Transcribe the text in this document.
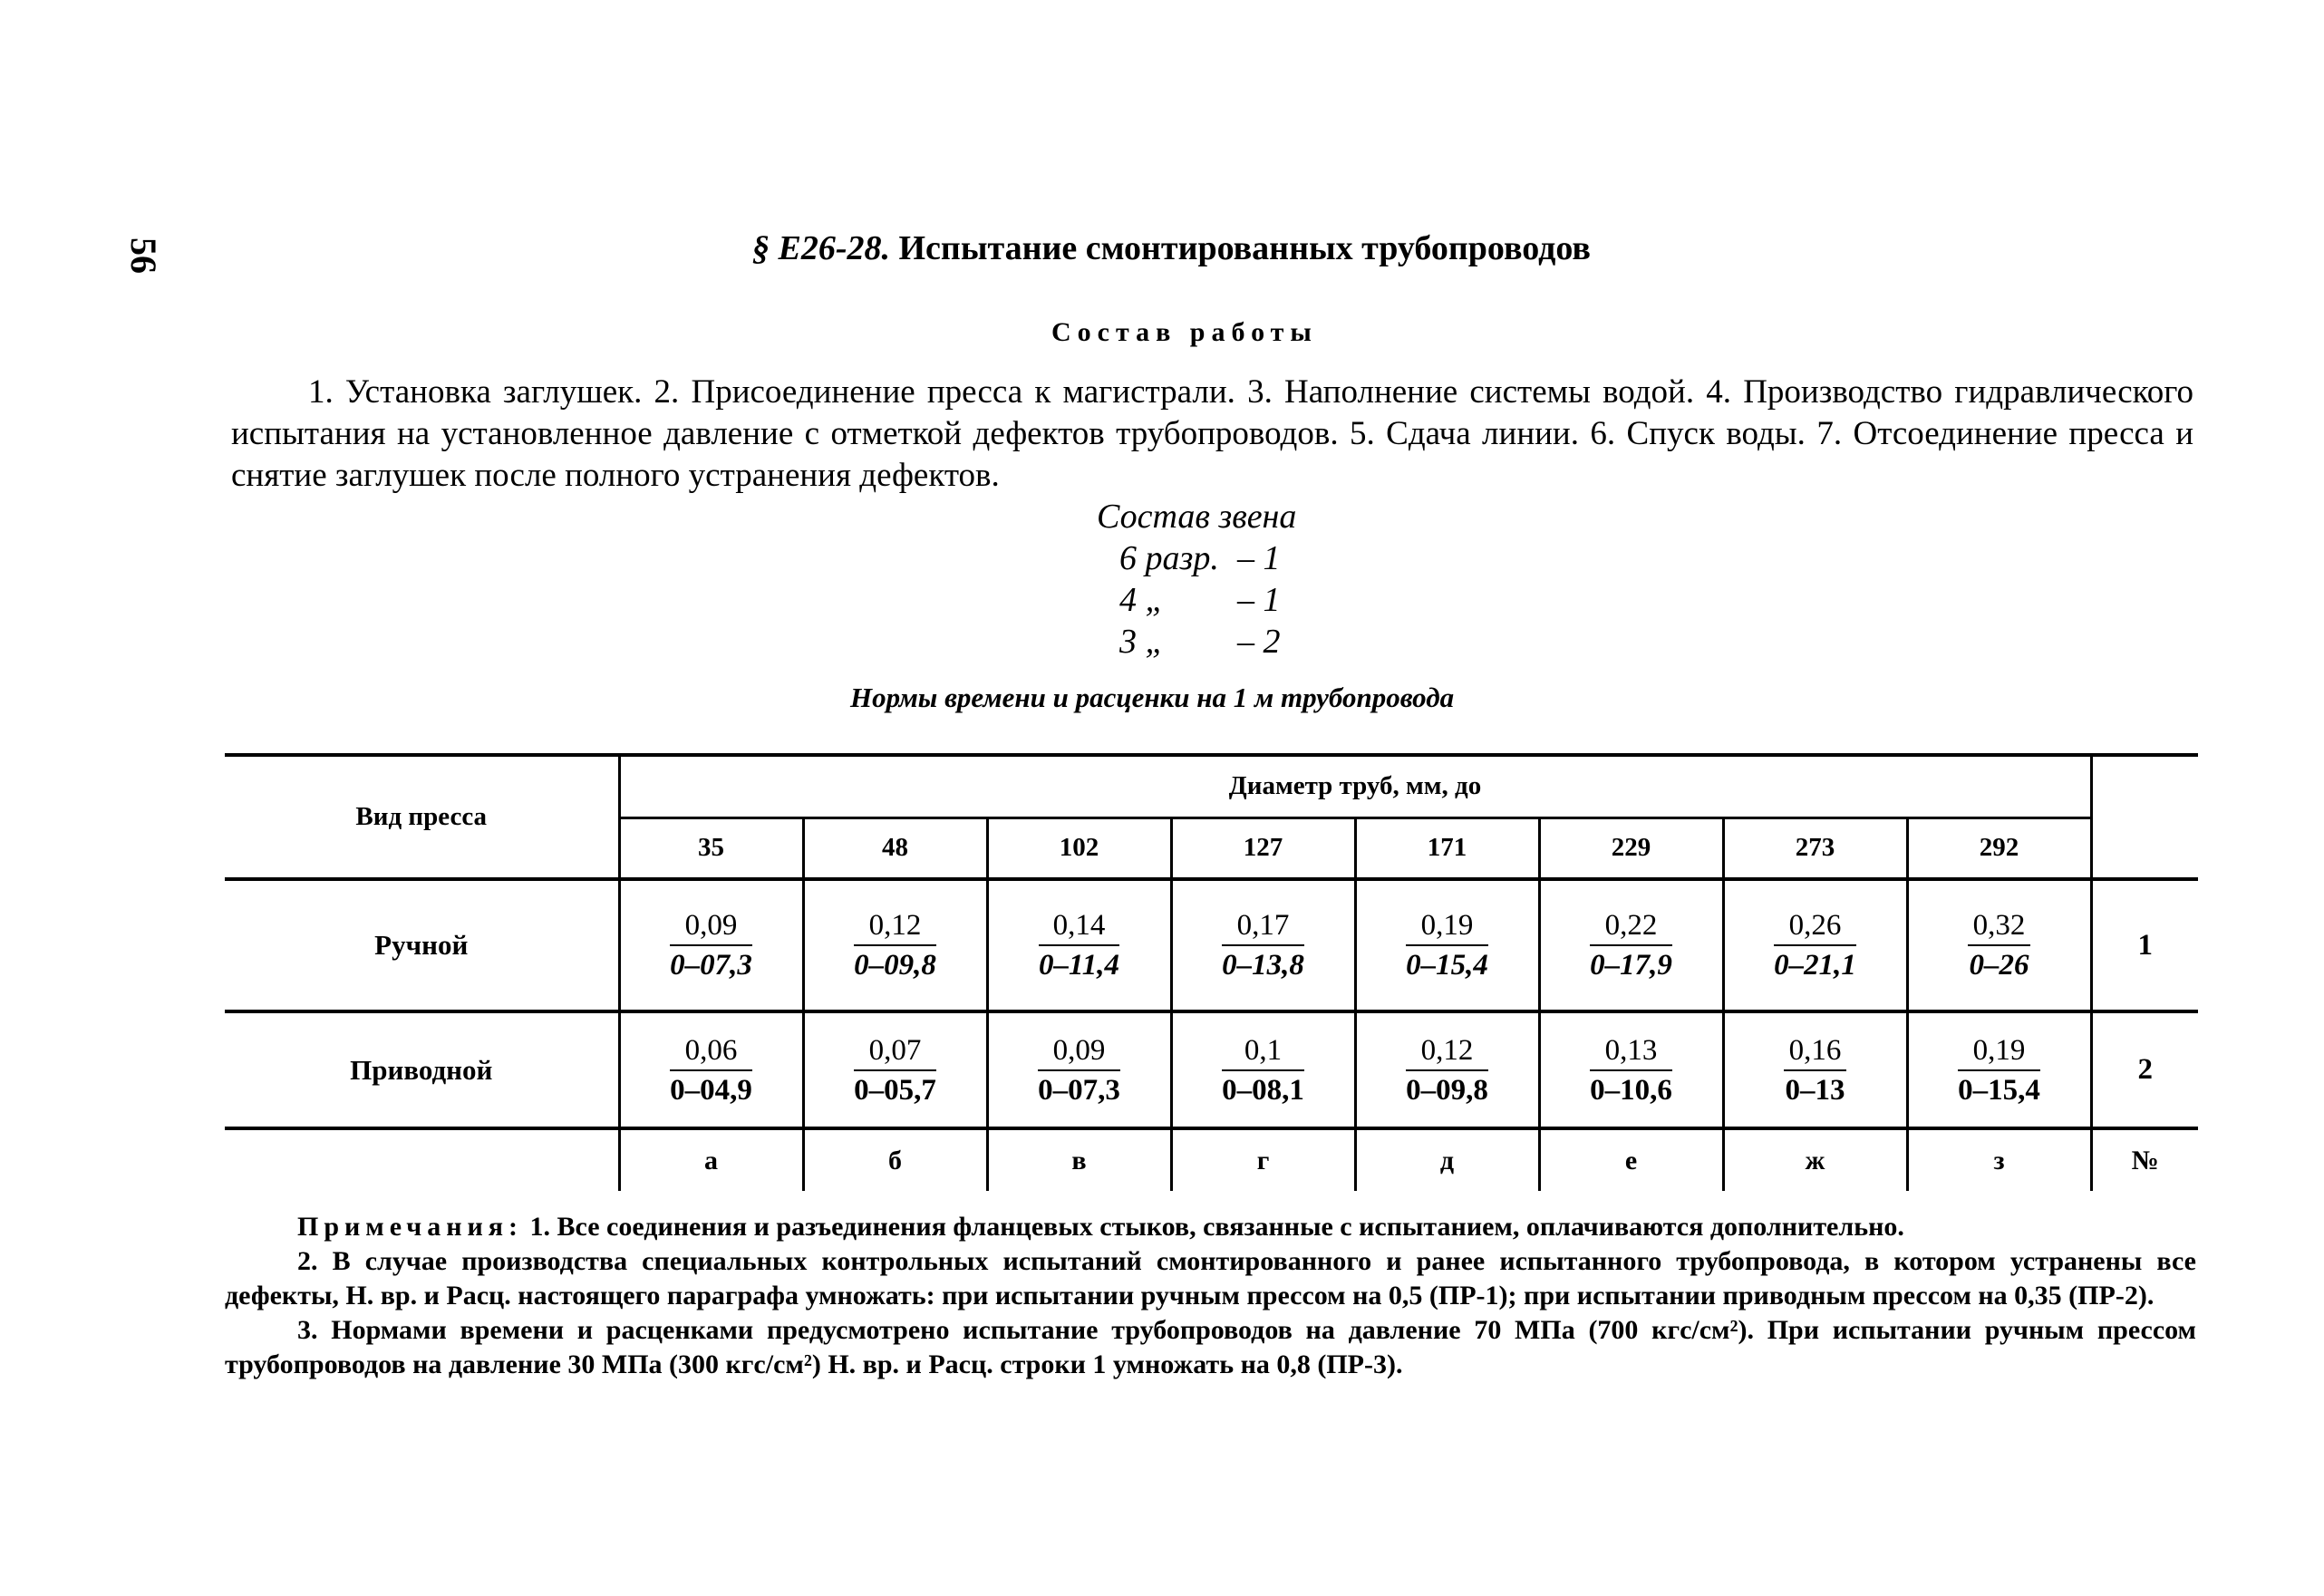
56	§ Е26-28. Испытание смонтированных трубопроводов
Состав работы

1. Установка заглушек. 2. Присоединение пресса к магистрали. 3. Наполнение системы водой. 4. Производство гидравлического испытания на установленное давление с отметкой дефектов трубопроводов. 5. Сдача линии. 6. Спуск воды. 7. Отсоединение пресса и снятие заглушек после полного устранения дефектов.

Состав звена
6 разр. – 1
4 „ – 1
3 „ – 2
Нормы времени и расценки на 1 м трубопровода
Вид пресса	Диаметр труб, мм, до								
	35	48	102	127	171	229	273	292	
Ручной	$\frac{0,09}{0-07,3}$	$\frac{0,12}{0-09,8}$	$\frac{0,14}{0-11,4}$	$\frac{0,17}{0-13,8}$	$\frac{0,19}{0-15,4}$	$\frac{0,22}{0-17,9}$	$\frac{0,26}{0-21,1}$	$\frac{0,32}{0-26}$	1
Приводной	$\frac{0,06}{0-04,9}$	$\frac{0,07}{0-05,7}$	$\frac{0,09}{0-07,3}$	$\frac{0,1}{0-08,1}$	$\frac{0,12}{0-09,8}$	$\frac{0,13}{0-10,6}$	$\frac{0,16}{0-13}$	$\frac{0,19}{0-15,4}$	2
	а	б	в	г	д	е	ж	з	№

Примечания: 1. Все соединения и разъединения фланцевых стыков, связанные с испытанием, оплачиваются дополнительно.

2. В случае производства специальных контрольных испытаний смонтированного и ранее испытанного трубопровода, в котором устранены все дефекты, Н. вр. и Расц. настоящего параграфа умножать: при испытании ручным прессом на 0,5 (ПР-1); при испытании приводным прессом на 0,35 (ПР-2).

3. Нормами времени и расценками предусмотрено испытание трубопроводов на давление 70 МПа (700 кгс/см²). При испытании ручным прессом трубопроводов на давление 30 МПа (300 кгс/см²) Н. вр. и Расц. строки 1 умножать на 0,8 (ПР-3).
